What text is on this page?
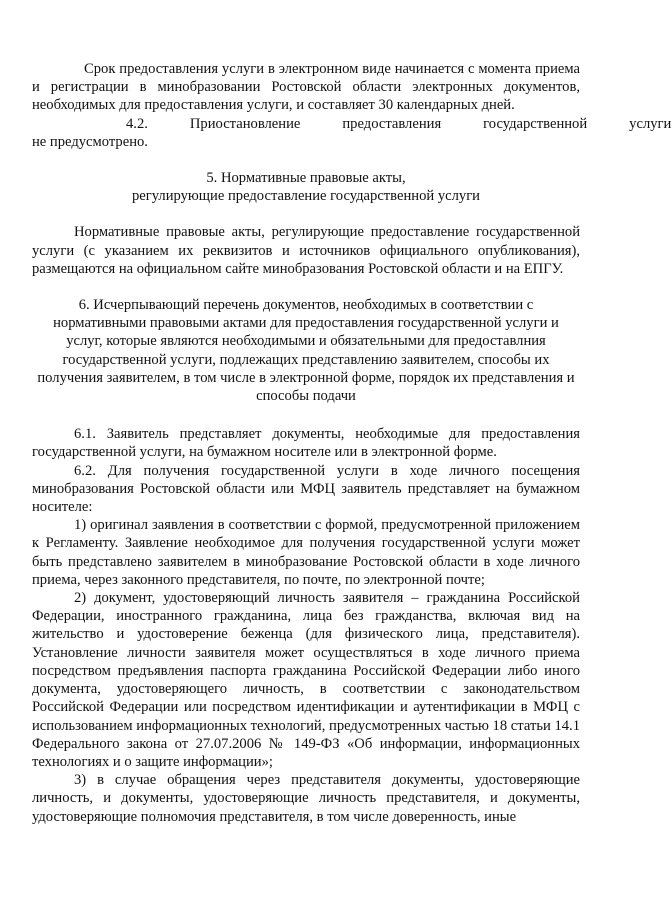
Срок предоставления услуги в электронном виде начинается с момента приема и регистрации в минобразовании Ростовской области электронных документов, необходимых для предоставления услуги, и составляет 30 календарных дней.

4.2.	Приостановление	предоставления	государственной	услуги

не предусмотрено.

5. Нормативные правовые акты,

регулирующие предоставление государственной услуги

Нормативные правовые акты, регулирующие предоставление государственной услуги (с указанием их реквизитов и источников официального опубликования), размещаются на официальном сайте минобразования Ростовской области и на ЕПГУ.

6. Исчерпывающий перечень документов, необходимых в соответствии с нормативными правовыми актами для предоставления государственной услуги и услуг, которые являются необходимыми и обязательными для предоставлния государственной услуги, подлежащих представлению заявителем, способы их получения заявителем, в том числе в электронной форме, порядок их представления и способы подачи

6.1. Заявитель представляет документы, необходимые для предоставления государственной услуги, на бумажном носителе или в электронной форме.

6.2. Для получения государственной услуги в ходе личного посещения минобразования Ростовской области или МФЦ заявитель представляет на бумажном носителе:

1) оригинал заявления в соответствии с формой, предусмотренной приложением к Регламенту. Заявление необходимое для получения государственной услуги может быть представлено заявителем в минобразование Ростовской области в ходе личного приема, через законного представителя, по почте, по электронной почте;

2) документ, удостоверяющий личность заявителя – гражданина Российской Федерации, иностранного гражданина, лица без гражданства, включая вид на жительство и удостоверение беженца (для физического лица, представителя). Установление личности заявителя может осуществляться в ходе личного приема посредством предъявления паспорта гражданина Российской Федерации либо иного документа, удостоверяющего личность, в соответствии с законодательством Российской Федерации или посредством идентификации и аутентификации в МФЦ с использованием информационных технологий, предусмотренных частью 18 статьи 14.1 Федерального закона от 27.07.2006 № 149-ФЗ «Об информации, информационных технологиях и о защите информации»;

3) в случае обращения через представителя документы, удостоверяющие личность, и документы, удостоверяющие личность представителя, и документы, удостоверяющие полномочия представителя, в том числе доверенность, иные
